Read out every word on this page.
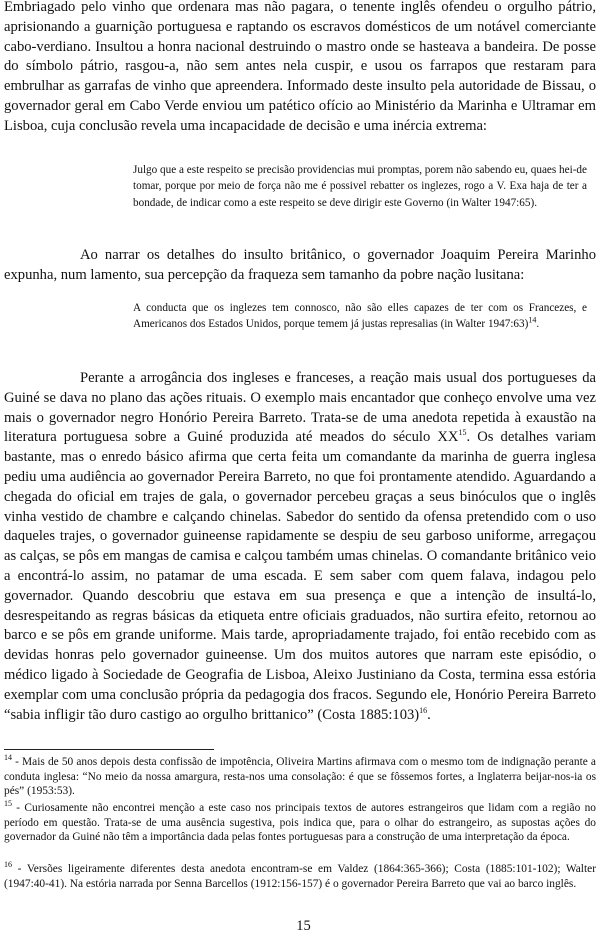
Embriagado pelo vinho que ordenara mas não pagara, o tenente inglês ofendeu o orgulho pátrio, aprisionando a guarnição portuguesa e raptando os escravos domésticos de um notável comerciante cabo-verdiano. Insultou a honra nacional destruindo o mastro onde se hasteava a bandeira. De posse do símbolo pátrio, rasgou-a, não sem antes nela cuspir, e usou os farrapos que restaram para embrulhar as garrafas de vinho que apreendera. Informado deste insulto pela autoridade de Bissau, o governador geral em Cabo Verde enviou um patético ofício ao Ministério da Marinha e Ultramar em Lisboa, cuja conclusão revela uma incapacidade de decisão e uma inércia extrema:

Julgo que a este respeito se precisão providencias mui promptas, porem não sabendo eu, quaes hei-de tomar, porque por meio de força não me é possivel rebatter os inglezes, rogo a V. Exa haja de ter a bondade, de indicar como a este respeito se deve dirigir este Governo (in Walter 1947:65).

Ao narrar os detalhes do insulto britânico, o governador Joaquim Pereira Marinho expunha, num lamento, sua percepção da fraqueza sem tamanho da pobre nação lusitana:

A conducta que os inglezes tem connosco, não são elles capazes de ter com os Francezes, e Americanos dos Estados Unidos, porque temem já justas represalias (in Walter 1947:63)$^{14}$.

Perante a arrogância dos ingleses e franceses, a reação mais usual dos portugueses da Guiné se dava no plano das ações rituais. O exemplo mais encantador que conheço envolve uma vez mais o governador negro Honório Pereira Barreto. Trata-se de uma anedota repetida à exaustão na literatura portuguesa sobre a Guiné produzida até meados do século XX$^{15}$. Os detalhes variam bastante, mas o enredo básico afirma que certa feita um comandante da marinha de guerra inglesa pediu uma audiência ao governador Pereira Barreto, no que foi prontamente atendido. Aguardando a chegada do oficial em trajes de gala, o governador percebeu graças a seus binóculos que o inglês vinha vestido de chambre e calçando chinelas. Sabedor do sentido da ofensa pretendido com o uso daqueles trajes, o governador guineense rapidamente se despiu de seu garboso uniforme, arregaçou as calças, se pôs em mangas de camisa e calçou também umas chinelas. O comandante britânico veio a encontrá-lo assim, no patamar de uma escada. E sem saber com quem falava, indagou pelo governador. Quando descobriu que estava em sua presença e que a intenção de insultá-lo, desrespeitando as regras básicas da etiqueta entre oficiais graduados, não surtira efeito, retornou ao barco e se pôs em grande uniforme. Mais tarde, apropriadamente trajado, foi então recebido com as devidas honras pelo governador guineense. Um dos muitos autores que narram este episódio, o médico ligado à Sociedade de Geografia de Lisboa, Aleixo Justiniano da Costa, termina essa estória exemplar com uma conclusão própria da pedagogia dos fracos. Segundo ele, Honório Pereira Barreto “sabia infligir tão duro castigo ao orgulho brittanico” (Costa 1885:103)$^{16}$.

$^{14}$ - Mais de 50 anos depois desta confissão de impotência, Oliveira Martins afirmava com o mesmo tom de indignação perante a conduta inglesa: “No meio da nossa amargura, resta-nos uma consolação: é que se fôssemos fortes, a Inglaterra beijar-nos-ia os pés” (1953:53).

$^{15}$ - Curiosamente não encontrei menção a este caso nos principais textos de autores estrangeiros que lidam com a região no período em questão. Trata-se de uma ausência sugestiva, pois indica que, para o olhar do estrangeiro, as supostas ações do governador da Guiné não têm a importância dada pelas fontes portuguesas para a construção de uma interpretação da época.

$^{16}$ - Versões ligeiramente diferentes desta anedota encontram-se em Valdez (1864:365-366); Costa (1885:101-102); Walter (1947:40-41). Na estória narrada por Senna Barcellos (1912:156-157) é o governador Pereira Barreto que vai ao barco inglês.

15
